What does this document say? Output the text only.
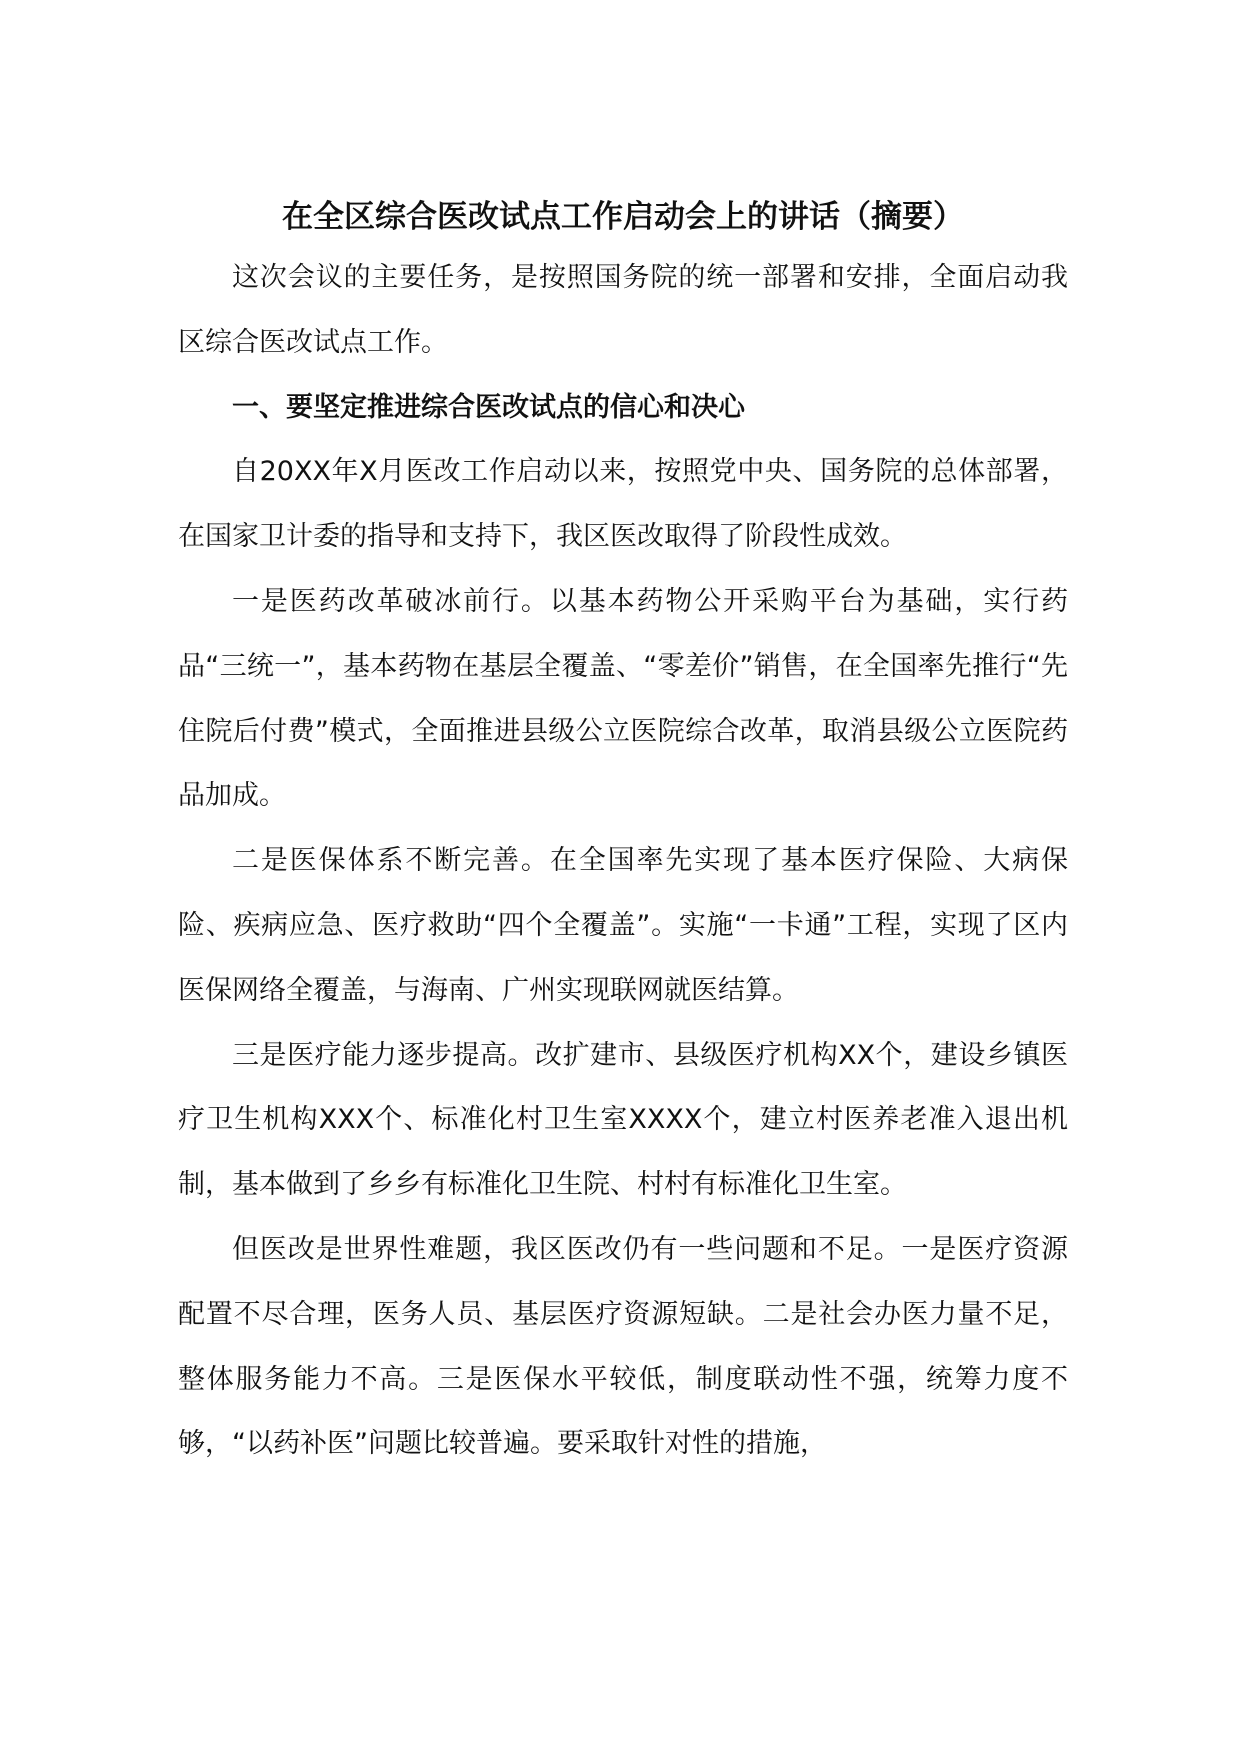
在全区综合医改试点工作启动会上的讲话（摘要）

这次会议的主要任务，是按照国务院的统一部署和安排，全面启动我区综合医改试点工作。

一、要坚定推进综合医改试点的信心和决心

自20XX年X月医改工作启动以来，按照党中央、国务院的总体部署，在国家卫计委的指导和支持下，我区医改取得了阶段性成效。

一是医药改革破冰前行。以基本药物公开采购平台为基础，实行药品“三统一”，基本药物在基层全覆盖、“零差价”销售，在全国率先推行“先住院后付费”模式，全面推进县级公立医院综合改革，取消县级公立医院药品加成。

二是医保体系不断完善。在全国率先实现了基本医疗保险、大病保险、疾病应急、医疗救助“四个全覆盖”。实施“一卡通”工程，实现了区内医保网络全覆盖，与海南、广州实现联网就医结算。

三是医疗能力逐步提高。改扩建市、县级医疗机构XX个，建设乡镇医疗卫生机构XXX个、标准化村卫生室XXXX个，建立村医养老准入退出机制，基本做到了乡乡有标准化卫生院、村村有标准化卫生室。

但医改是世界性难题，我区医改仍有一些问题和不足。一是医疗资源配置不尽合理，医务人员、基层医疗资源短缺。二是社会办医力量不足，整体服务能力不高。三是医保水平较低，制度联动性不强，统筹力度不够，“以药补医”问题比较普遍。要采取针对性的措施，
